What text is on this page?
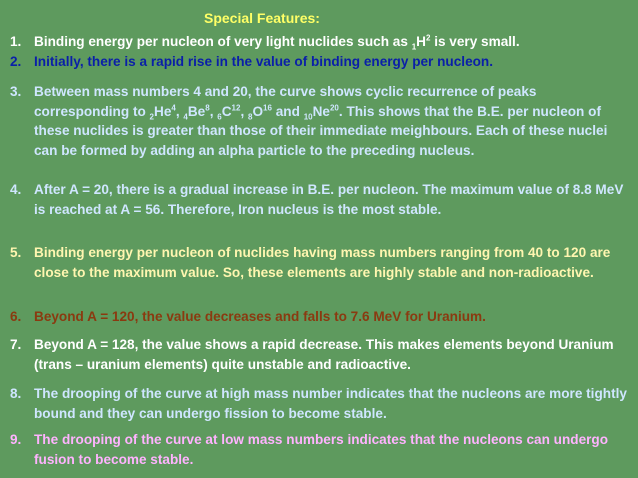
Special Features:
1. Binding energy per nucleon of very light nuclides such as $_1H^2$ is very small.
2. Initially, there is a rapid rise in the value of binding energy per nucleon.
3. Between mass numbers 4 and 20, the curve shows cyclic recurrence of peaks corresponding to $_2He^4$, $_4Be^8$, $_6C^{12}$, $_8O^{16}$ and $_{10}Ne^{20}$. This shows that the B.E. per nucleon of these nuclides is greater than those of their immediate meighbours. Each of these nuclei can be formed by adding an alpha particle to the preceding nucleus.
4. After A = 20, there is a gradual increase in B.E. per nucleon. The maximum value of 8.8 MeV is reached at A = 56. Therefore, Iron nucleus is the most stable.
5. Binding energy per nucleon of nuclides having mass numbers ranging from 40 to 120 are close to the maximum value. So, these elements are highly stable and non-radioactive.
6. Beyond A = 120, the value decreases and falls to 7.6 MeV for Uranium.
7. Beyond A = 128, the value shows a rapid decrease. This makes elements beyond Uranium (trans – uranium elements) quite unstable and radioactive.
8. The drooping of the curve at high mass number indicates that the nucleons are more tightly bound and they can undergo fission to become stable.
9. The drooping of the curve at low mass numbers indicates that the nucleons can undergo fusion to become stable.
